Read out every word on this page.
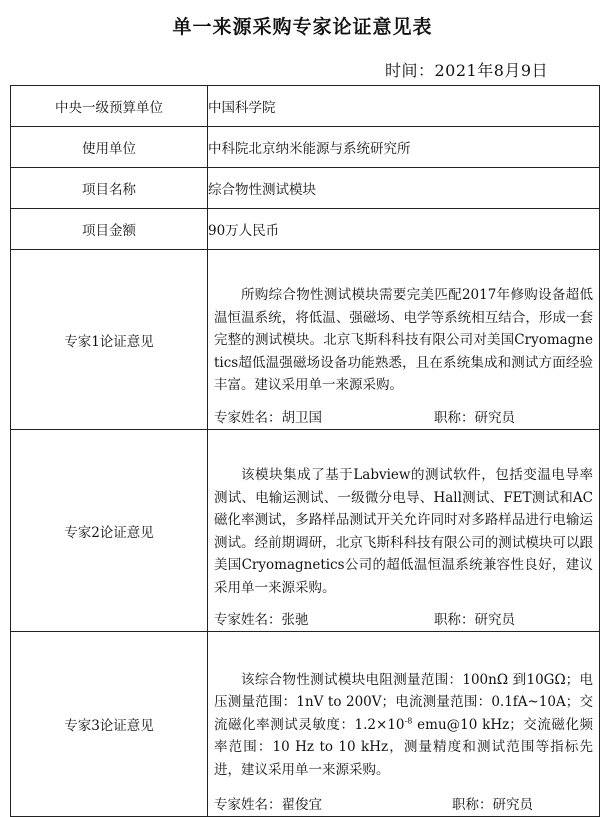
单一来源采购专家论证意见表
时间：2021年8月9日
中央一级预算单位	中国科学院
使用单位	中科院北京纳米能源与系统研究所
项目名称	综合物性测试模块
项目金额	90万人民币
专家1论证意见	所购综合物性测试模块需要完美匹配2017年修购设备超低温恒温系统，将低温、强磁场、电学等系统相互结合，形成一套完整的测试模块。北京飞斯科科技有限公司对美国Cryomagnetics超低温强磁场设备功能熟悉，且在系统集成和测试方面经验丰富。建议采用单一来源采购。
专家姓名：胡卫国 职称：研究员

专家2论证意见	该模块集成了基于Labview的测试软件，包括变温电导率测试、电输运测试、一级微分电导、Hall测试、FET测试和AC磁化率测试，多路样品测试开关允许同时对多路样品进行电输运测试。经前期调研，北京飞斯科科技有限公司的测试模块可以跟美国Cryomagnetics公司的超低温恒温系统兼容性良好，建议采用单一来源采购。
专家姓名：张驰 职称：研究员

专家3论证意见	该综合物性测试模块电阻测量范围：100nΩ 到10GΩ；电压测量范围：1nV to 200V；电流测量范围：0.1fA~10A；交流磁化率测试灵敏度：$1.2\times 10^{-8}$ emu@10 kHz；交流磁化频率范围：10 Hz to 10 kHz，测量精度和测试范围等指标先进，建议采用单一来源采购。
专家姓名：翟俊宜 职称：研究员
